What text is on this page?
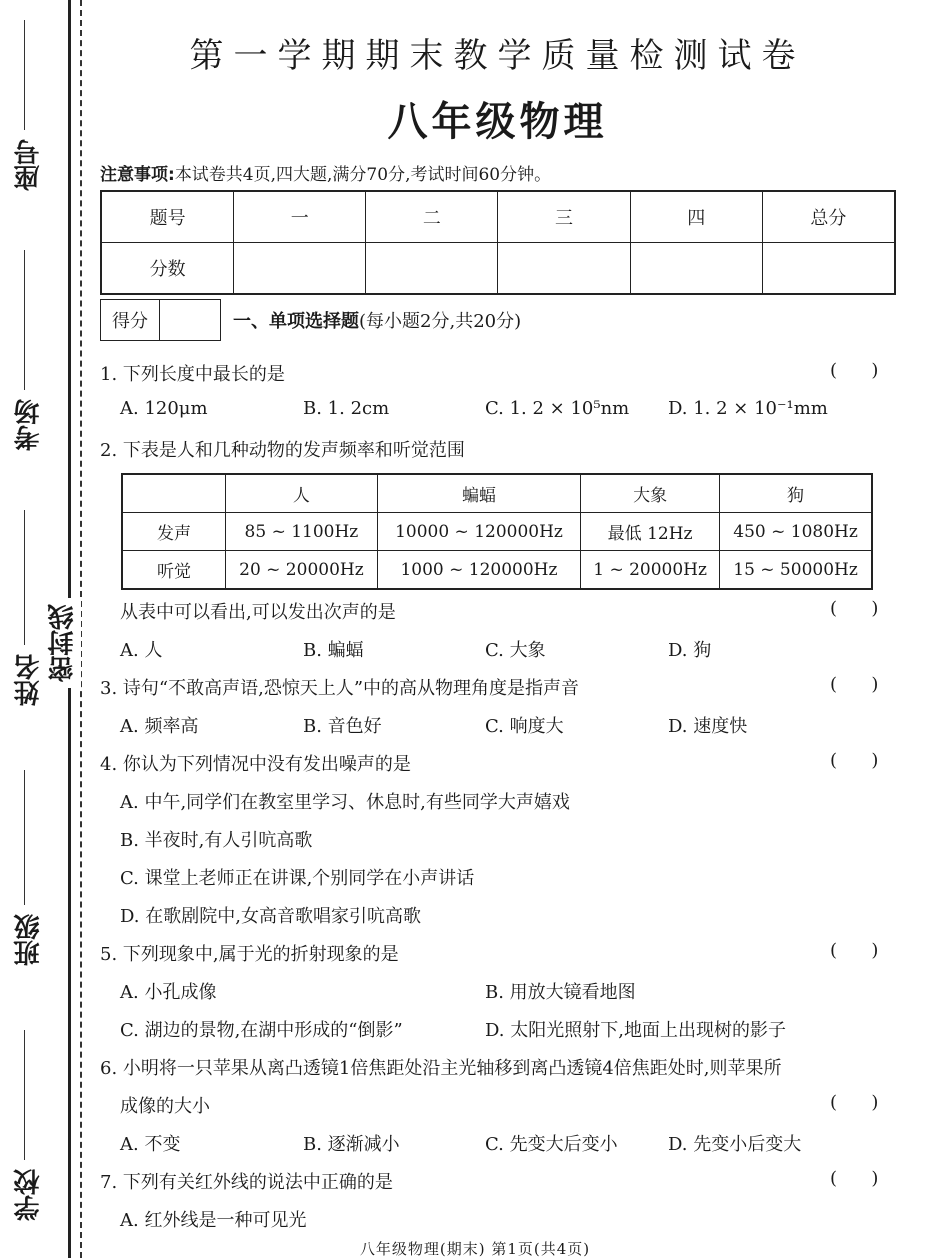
座号
考场
姓名
班级
学校
密封线
第一学期期末教学质量检测试卷
八年级物理
注意事项:本试卷共4页,四大题,满分70分,考试时间60分钟。
题号	一	二	三	四	总分
分数					
得分	一、单项选择题(每小题2分,共20分)
1. 下列长度中最长的是	(      )
A. 120μm	B. 1. 2cm	C. 1. 2 × 10⁵nm D. 1. 2 × 10⁻¹mm
2. 下表是人和几种动物的发声频率和听觉范围
	人	蝙蝠	大象	狗
发声	85 ~ 1100Hz	10000 ~ 120000Hz	最低 12Hz	450 ~ 1080Hz
听觉	20 ~ 20000Hz	1000 ~ 120000Hz	1 ~ 20000Hz	15 ~ 50000Hz
从表中可以看出,可以发出次声的是	(      )
A. 人	B. 蝙蝠	C. 大象	D. 狗
3. 诗句“不敢高声语,恐惊天上人”中的高从物理角度是指声音	(      )
A. 频率高	B. 音色好	C. 响度大	D. 速度快
4. 你认为下列情况中没有发出噪声的是	(      )
A. 中午,同学们在教室里学习、休息时,有些同学大声嬉戏
B. 半夜时,有人引吭高歌
C. 课堂上老师正在讲课,个别同学在小声讲话
D. 在歌剧院中,女高音歌唱家引吭高歌
5. 下列现象中,属于光的折射现象的是	(      )
A. 小孔成像	B. 用放大镜看地图
C. 湖边的景物,在湖中形成的“倒影”	D. 太阳光照射下,地面上出现树的影子
6. 小明将一只苹果从离凸透镜1倍焦距处沿主光轴移到离凸透镜4倍焦距处时,则苹果所
成像的大小	(      )
A. 不变	B. 逐渐减小	C. 先变大后变小	D. 先变小后变大
7. 下列有关红外线的说法中正确的是	(      )
A. 红外线是一种可见光
八年级物理(期末) 第1页(共4页)
